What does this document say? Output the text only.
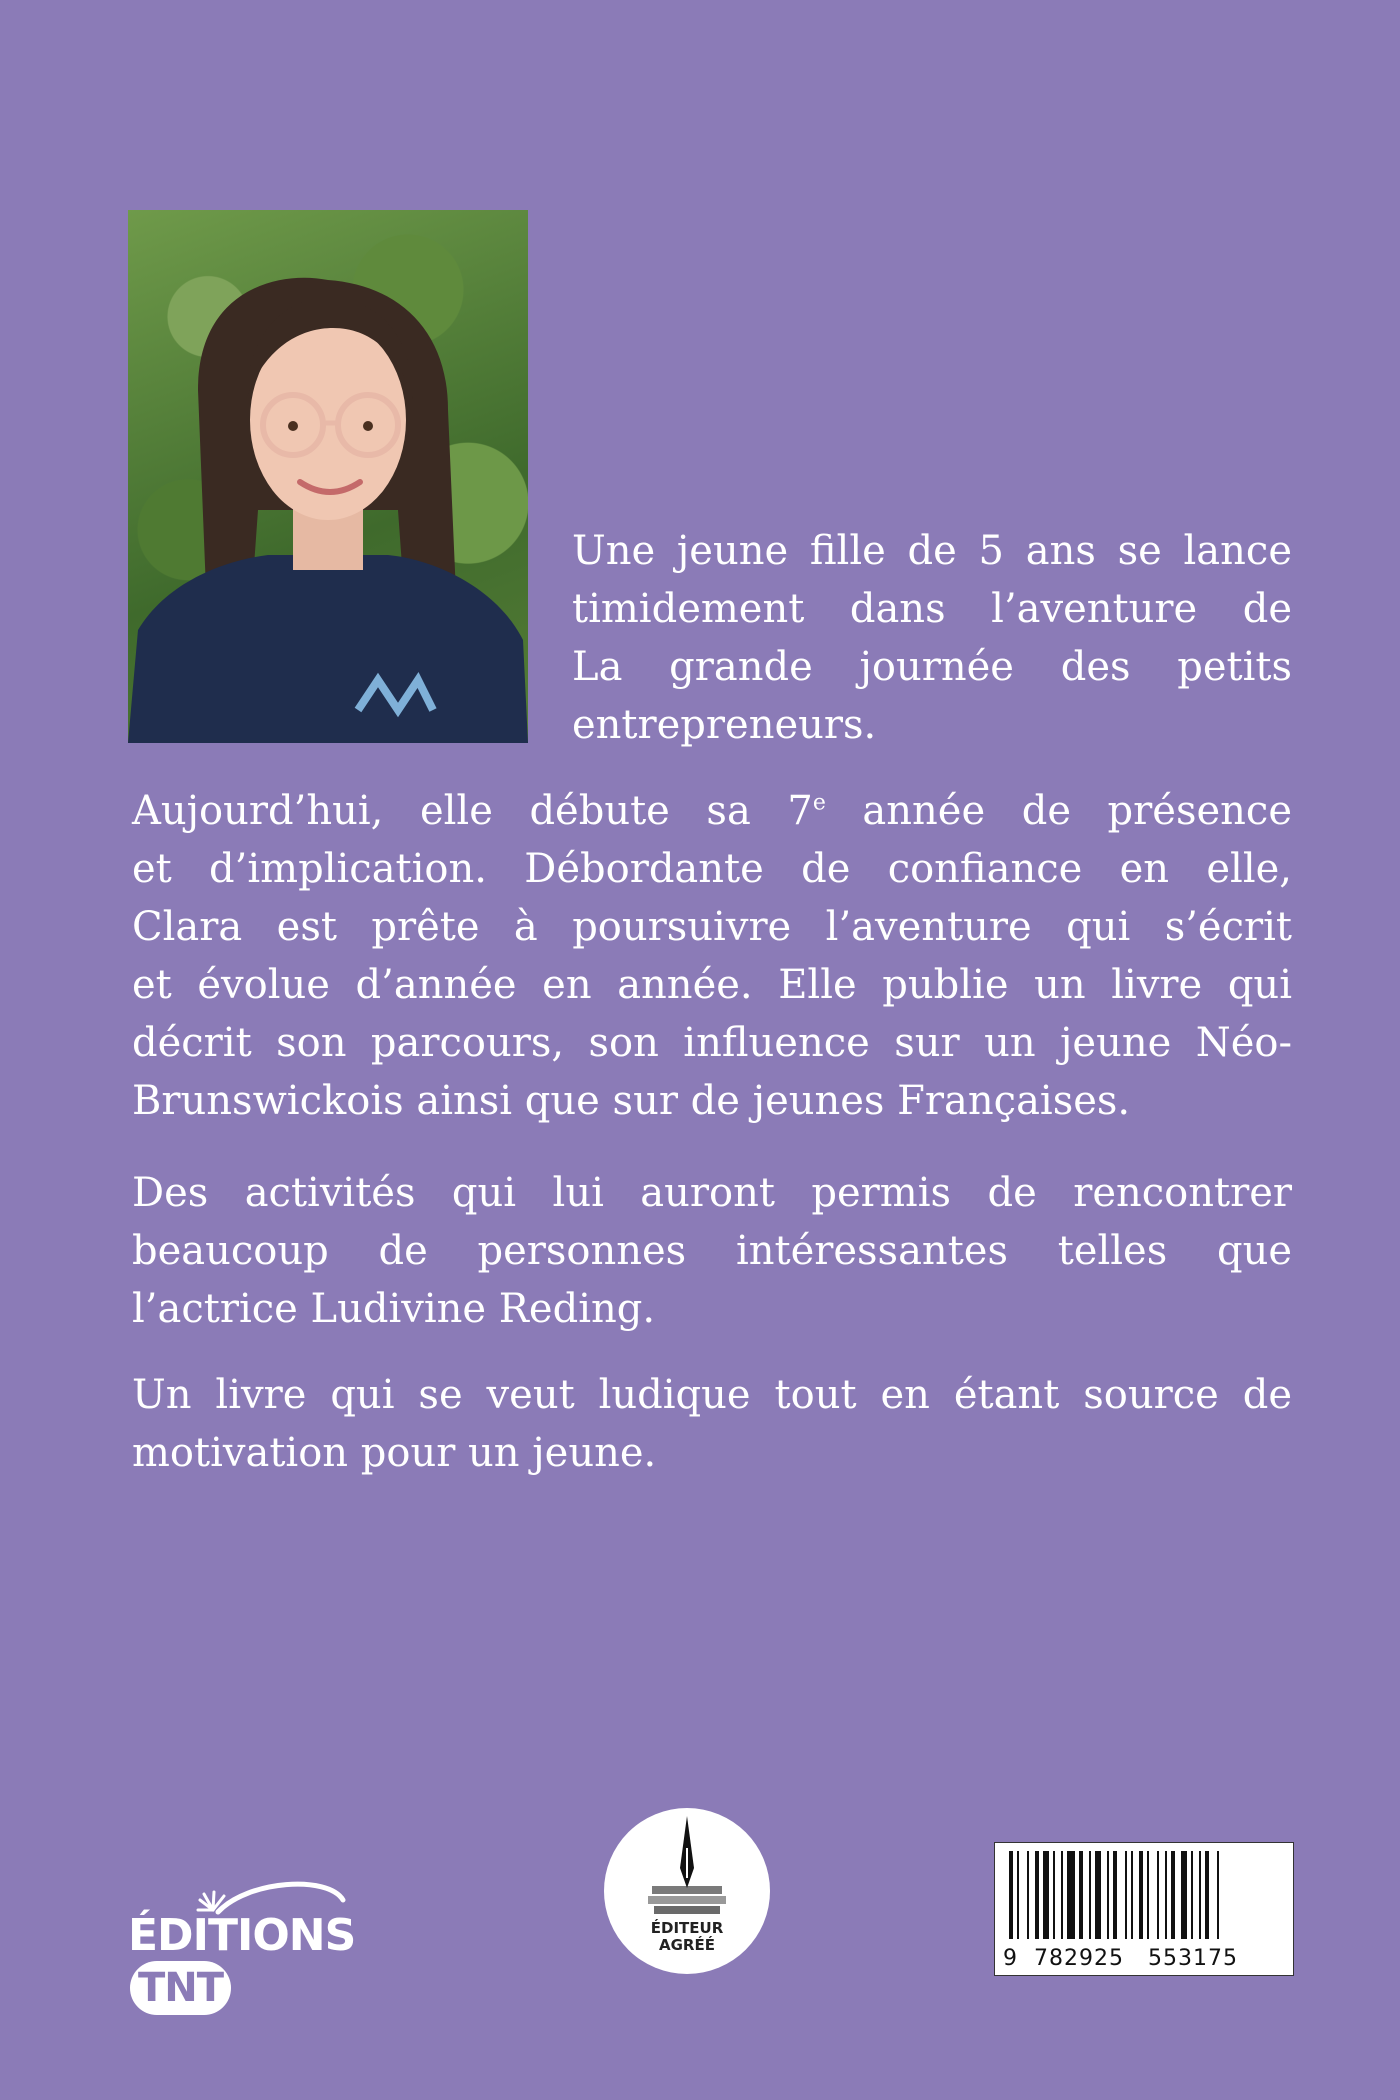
Une jeune fille de 5 ans se lance
timidement dans l’aventure de
La grande journée des petits
entrepreneurs.
Aujourd’hui, elle débute sa 7e année de présence
et d’implication. Débordante de confiance en elle,
Clara est prête à poursuivre l’aventure qui s’écrit
et évolue d’année en année. Elle publie un livre qui
décrit son parcours, son influence sur un jeune Néo-
Brunswickois ainsi que sur de jeunes Françaises.
Des activités qui lui auront permis de rencontrer
beaucoup de personnes intéressantes telles que
l’actrice Ludivine Reding.
Un livre qui se veut ludique tout en étant source de
motivation pour un jeune.
ÉDITIONSTNT
ÉDITEUR
AGRÉÉ
9 782925 553175
